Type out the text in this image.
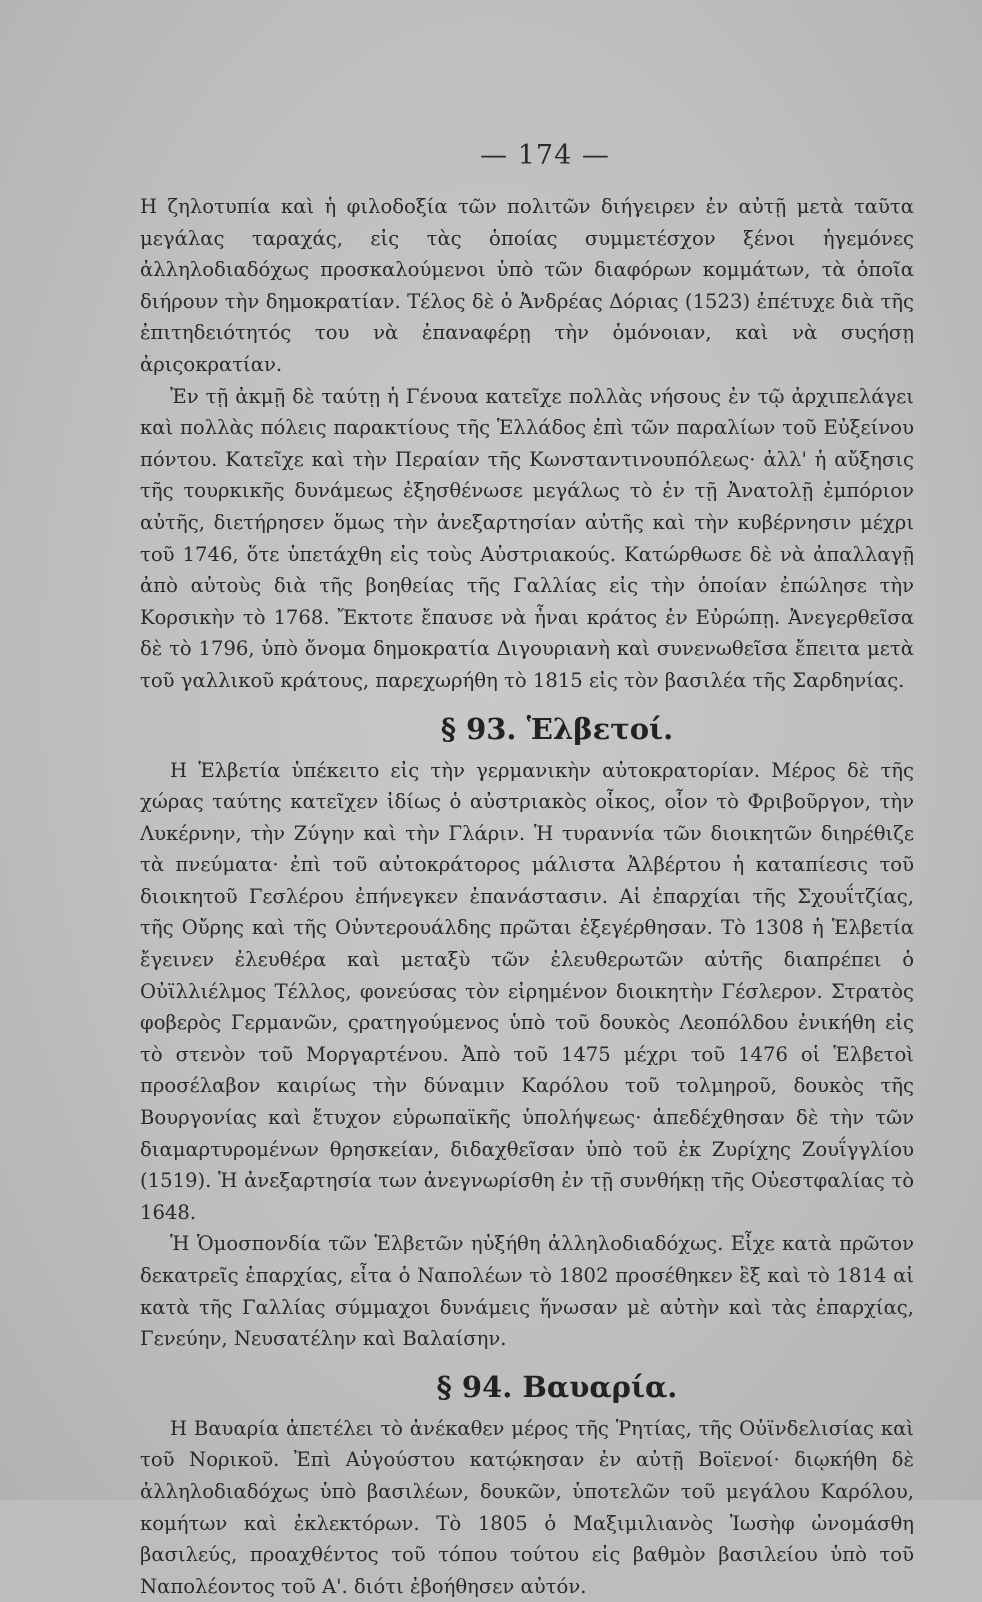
— 174 —

Η ζηλοτυπία καὶ ἡ φιλοδοξία τῶν πολιτῶν διήγειρεν ἐν αὐτῇ μετὰ ταῦτα μεγάλας ταραχάς, εἰς τὰς ὁποίας συμμετέσχον ξένοι ἡγεμόνες ἀλληλοδιαδόχως προσκαλούμενοι ὑπὸ τῶν διαφόρων κομμάτων, τὰ ὁποῖα διήρουν τὴν δημοκρατίαν. Τέλος δὲ ὁ Ἀνδρέας Δόριας (1523) ἐπέτυχε διὰ τῆς ἐπιτηδειότητός του νὰ ἐπαναφέρῃ τὴν ὁμόνοιαν, καὶ νὰ συςήσῃ ἀριςοκρατίαν.

Ἐν τῇ ἀκμῇ δὲ ταύτῃ ἡ Γένουα κατεῖχε πολλὰς νήσους ἐν τῷ ἀρχιπελάγει καὶ πολλὰς πόλεις παρακτίους τῆς Ἑλλάδος ἐπὶ τῶν παραλίων τοῦ Εὐξείνου πόντου. Κατεῖχε καὶ τὴν Περαίαν τῆς Κωνσταντινουπόλεως· ἀλλ' ἡ αὔξησις τῆς τουρκικῆς δυνάμεως ἐξησθένωσε μεγάλως τὸ ἐν τῇ Ἀνατολῇ ἐμπόριον αὐτῆς, διετήρησεν ὅμως τὴν ἀνεξαρτησίαν αὐτῆς καὶ τὴν κυβέρνησιν μέχρι τοῦ 1746, ὅτε ὑπετάχθη εἰς τοὺς Αὐστριακούς. Κατώρθωσε δὲ νὰ ἀπαλλαγῇ ἀπὸ αὐτοὺς διὰ τῆς βοηθείας τῆς Γαλλίας εἰς τὴν ὁποίαν ἐπώλησε τὴν Κορσικὴν τὸ 1768. Ἔκτοτε ἔπαυσε νὰ ἦναι κράτος ἐν Εὐρώπῃ. Ἀνεγερθεῖσα δὲ τὸ 1796, ὑπὸ ὄνομα δημοκρατία Διγουριανὴ καὶ συνενωθεῖσα ἔπειτα μετὰ τοῦ γαλλικοῦ κράτους, παρεχωρήθη τὸ 1815 εἰς τὸν βασιλέα τῆς Σαρδηνίας.

§ 93. Ἑλβετοί.

Η Ἑλβετία ὑπέκειτο εἰς τὴν γερμανικὴν αὐτοκρατορίαν. Μέρος δὲ τῆς χώρας ταύτης κατεῖχεν ἰδίως ὁ αὐστριακὸς οἶκος, οἷον τὸ Φριβοῦργον, τὴν Λυκέρνην, τὴν Ζύγην καὶ τὴν Γλάριν. Ἡ τυραννία τῶν διοικητῶν διηρέθιζε τὰ πνεύματα· ἐπὶ τοῦ αὐτοκράτορος μάλιστα Ἀλβέρτου ἡ καταπίεσις τοῦ διοικητοῦ Γεσλέρου ἐπήνεγκεν ἐπανάστασιν. Αἱ ἐπαρχίαι τῆς Σχουΐτζίας, τῆς Οὔρης καὶ τῆς Οὐντερουάλδης πρῶται ἐξεγέρθησαν. Τὸ 1308 ἡ Ἑλβετία ἔγεινεν ἐλευθέρα καὶ μεταξὺ τῶν ἐλευθερωτῶν αὐτῆς διαπρέπει ὁ Οὐϊλλιέλμος Τέλλος, φονεύσας τὸν εἰρημένον διοικητὴν Γέσλερον. Στρατὸς φοβερὸς Γερμανῶν, ςρατηγούμενος ὑπὸ τοῦ δουκὸς Λεοπόλδου ἐνικήθη εἰς τὸ στενὸν τοῦ Μοργαρτένου. Ἀπὸ τοῦ 1475 μέχρι τοῦ 1476 οἱ Ἑλβετοὶ προσέλαβον καιρίως τὴν δύναμιν Καρόλου τοῦ τολμηροῦ, δουκὸς τῆς Βουργονίας καὶ ἔτυχον εὐρωπαϊκῆς ὑπολήψεως· ἀπεδέχθησαν δὲ τὴν τῶν διαμαρτυρομένων θρησκείαν, διδαχθεῖσαν ὑπὸ τοῦ ἐκ Ζυρίχης Ζουΐγγλίου (1519). Ἡ ἀνεξαρτησία των ἀνεγνωρίσθη ἐν τῇ συνθήκῃ τῆς Οὐεστφαλίας τὸ 1648.

Ἡ Ὁμοσπονδία τῶν Ἑλβετῶν ηὐξήθη ἀλληλοδιαδόχως. Εἶχε κατὰ πρῶτον δεκατρεῖς ἐπαρχίας, εἶτα ὁ Ναπολέων τὸ 1802 προσέθηκεν ἓξ καὶ τὸ 1814 αἱ κατὰ τῆς Γαλλίας σύμμαχοι δυνάμεις ἥνωσαν μὲ αὐτὴν καὶ τὰς ἐπαρχίας, Γενεύην, Νευσατέλην καὶ Βαλαίσην.

§ 94. Βαυαρία.

Η Βαυαρία ἀπετέλει τὸ ἀνέκαθεν μέρος τῆς Ῥητίας, τῆς Οὐϊνδελισίας καὶ τοῦ Νορικοῦ. Ἐπὶ Αὐγούστου κατῴκησαν ἐν αὐτῇ Βοϊενοί· διῳκήθη δὲ ἀλληλοδιαδόχως ὑπὸ βασιλέων, δουκῶν, ὑποτελῶν τοῦ μεγάλου Καρόλου, κομήτων καὶ ἐκλεκτόρων. Τὸ 1805 ὁ Μαξιμιλιανὸς Ἰωσὴφ ὠνομάσθη βασιλεύς, προαχθέντος τοῦ τόπου τούτου εἰς βαθμὸν βασιλείου ὑπὸ τοῦ Ναπολέοντος τοῦ Α'. διότι ἐβοήθησεν αὐτόν.
